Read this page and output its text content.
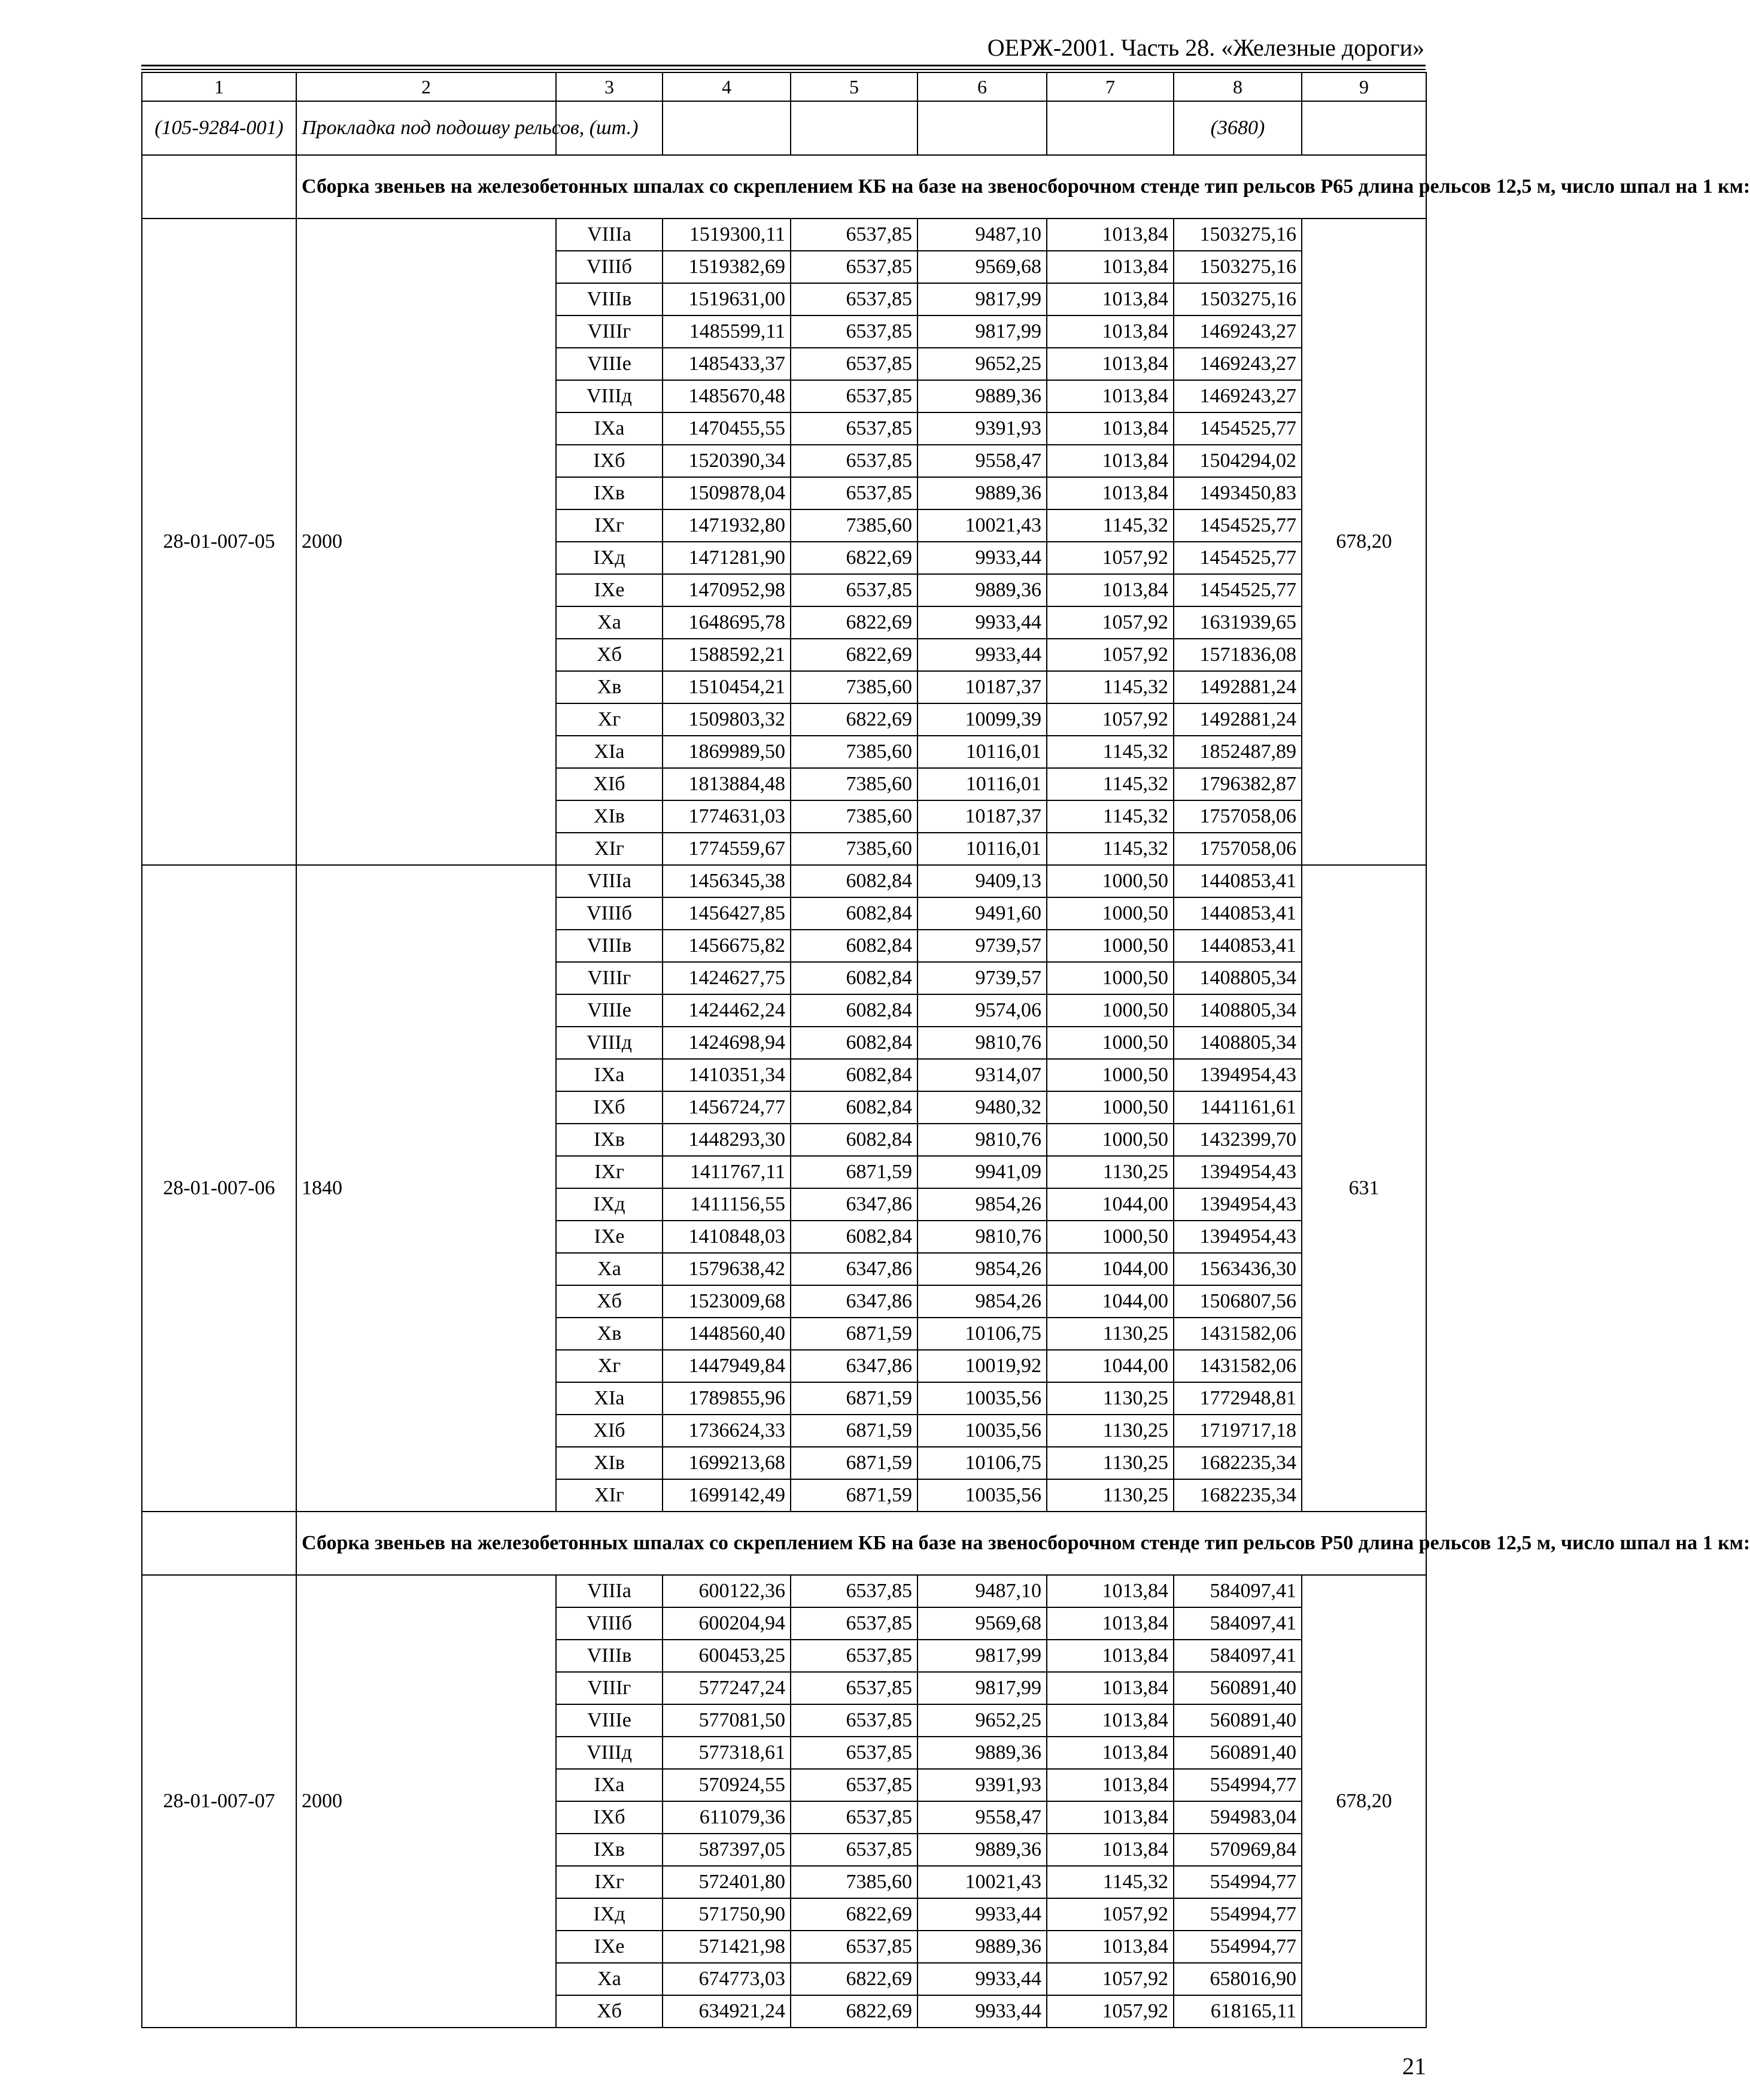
ОЕРЖ-2001. Часть 28. «Железные дороги»
1	2	3	4	5	6	7	8	9
(105-9284-001)	Прокладка под подошву рельсов, (шт.)						(3680)	
	Сборка звеньев на железобетонных шпалах со скреплением КБ на базе на звеносборочном стенде тип рельсов Р65 длина рельсов 12,5 м, число шпал на 1 км:							
28-01-007-05	2000	VIIIа	1519300,11	6537,85	9487,10	1013,84	1503275,16	678,20
		VIIIб	1519382,69	6537,85	9569,68	1013,84	1503275,16	
		VIIIв	1519631,00	6537,85	9817,99	1013,84	1503275,16	
		VIIIг	1485599,11	6537,85	9817,99	1013,84	1469243,27	
		VIIIе	1485433,37	6537,85	9652,25	1013,84	1469243,27	
		VIIIд	1485670,48	6537,85	9889,36	1013,84	1469243,27	
		IXа	1470455,55	6537,85	9391,93	1013,84	1454525,77	
		IXб	1520390,34	6537,85	9558,47	1013,84	1504294,02	
		IXв	1509878,04	6537,85	9889,36	1013,84	1493450,83	
		IXг	1471932,80	7385,60	10021,43	1145,32	1454525,77	
		IXд	1471281,90	6822,69	9933,44	1057,92	1454525,77	
		IXе	1470952,98	6537,85	9889,36	1013,84	1454525,77	
		Xа	1648695,78	6822,69	9933,44	1057,92	1631939,65	
		Xб	1588592,21	6822,69	9933,44	1057,92	1571836,08	
		Xв	1510454,21	7385,60	10187,37	1145,32	1492881,24	
		Xг	1509803,32	6822,69	10099,39	1057,92	1492881,24	
		XIа	1869989,50	7385,60	10116,01	1145,32	1852487,89	
		XIб	1813884,48	7385,60	10116,01	1145,32	1796382,87	
		XIв	1774631,03	7385,60	10187,37	1145,32	1757058,06	
		XIг	1774559,67	7385,60	10116,01	1145,32	1757058,06	
28-01-007-06	1840	VIIIа	1456345,38	6082,84	9409,13	1000,50	1440853,41	631
		VIIIб	1456427,85	6082,84	9491,60	1000,50	1440853,41	
		VIIIв	1456675,82	6082,84	9739,57	1000,50	1440853,41	
		VIIIг	1424627,75	6082,84	9739,57	1000,50	1408805,34	
		VIIIе	1424462,24	6082,84	9574,06	1000,50	1408805,34	
		VIIIд	1424698,94	6082,84	9810,76	1000,50	1408805,34	
		IXа	1410351,34	6082,84	9314,07	1000,50	1394954,43	
		IXб	1456724,77	6082,84	9480,32	1000,50	1441161,61	
		IXв	1448293,30	6082,84	9810,76	1000,50	1432399,70	
		IXг	1411767,11	6871,59	9941,09	1130,25	1394954,43	
		IXд	1411156,55	6347,86	9854,26	1044,00	1394954,43	
		IXе	1410848,03	6082,84	9810,76	1000,50	1394954,43	
		Xа	1579638,42	6347,86	9854,26	1044,00	1563436,30	
		Xб	1523009,68	6347,86	9854,26	1044,00	1506807,56	
		Xв	1448560,40	6871,59	10106,75	1130,25	1431582,06	
		Xг	1447949,84	6347,86	10019,92	1044,00	1431582,06	
		XIа	1789855,96	6871,59	10035,56	1130,25	1772948,81	
		XIб	1736624,33	6871,59	10035,56	1130,25	1719717,18	
		XIв	1699213,68	6871,59	10106,75	1130,25	1682235,34	
		XIг	1699142,49	6871,59	10035,56	1130,25	1682235,34	
	Сборка звеньев на железобетонных шпалах со скреплением КБ на базе на звеносборочном стенде тип рельсов Р50 длина рельсов 12,5 м, число шпал на 1 км:							
28-01-007-07	2000	VIIIа	600122,36	6537,85	9487,10	1013,84	584097,41	678,20
		VIIIб	600204,94	6537,85	9569,68	1013,84	584097,41	
		VIIIв	600453,25	6537,85	9817,99	1013,84	584097,41	
		VIIIг	577247,24	6537,85	9817,99	1013,84	560891,40	
		VIIIе	577081,50	6537,85	9652,25	1013,84	560891,40	
		VIIIд	577318,61	6537,85	9889,36	1013,84	560891,40	
		IXа	570924,55	6537,85	9391,93	1013,84	554994,77	
		IXб	611079,36	6537,85	9558,47	1013,84	594983,04	
		IXв	587397,05	6537,85	9889,36	1013,84	570969,84	
		IXг	572401,80	7385,60	10021,43	1145,32	554994,77	
		IXд	571750,90	6822,69	9933,44	1057,92	554994,77	
		IXе	571421,98	6537,85	9889,36	1013,84	554994,77	
		Xа	674773,03	6822,69	9933,44	1057,92	658016,90	
		Xб	634921,24	6822,69	9933,44	1057,92	618165,11	
21
